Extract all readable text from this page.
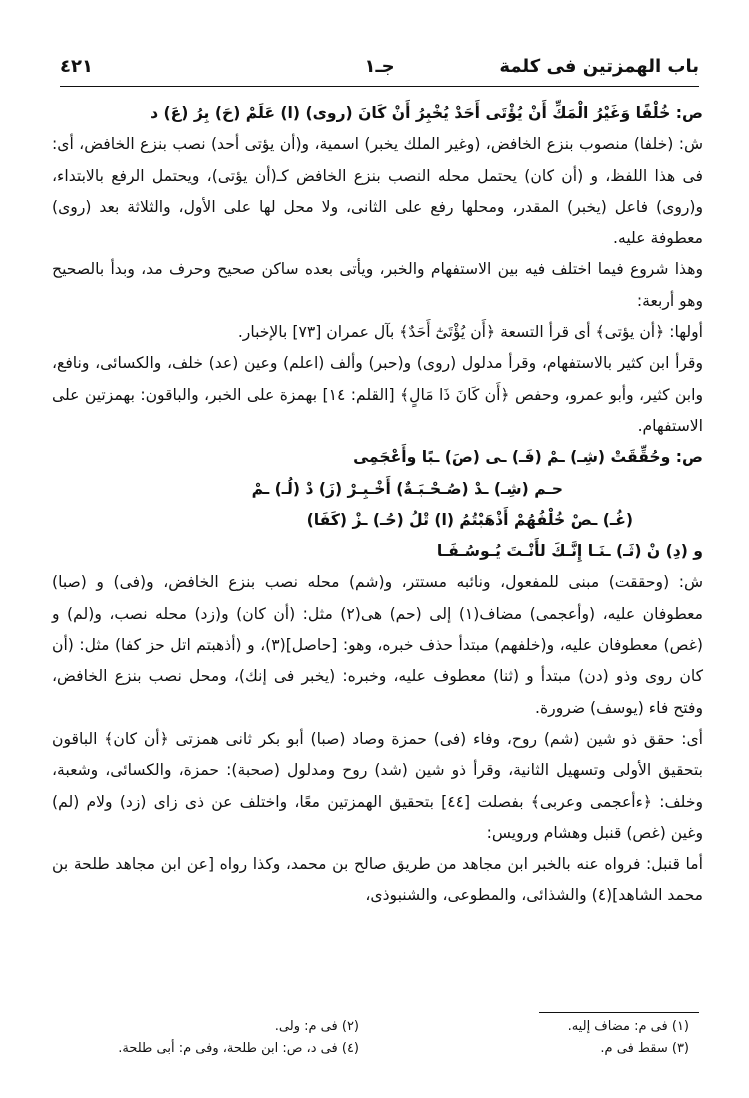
باب الهمزتين فى كلمة
جـ١
٤٢١

ص: خُلْفًا وَغَيْرُ الْمَكِّ أَنْ يُؤْتَى أَحَدْ يُخْبِرُ أَنْ كَانَ (روى) (ا) عَلَمْ (حَ) بِرُ (عَ) د

ش: (خلفا) منصوب بنزع الخافض، (وغير الملك يخبر) اسمية، و(أن يؤتى أحد) نصب بنزع الخافض، أى: فى هذا اللفظ، و (أن كان) يحتمل محله النصب بنزع الخافض كـ(أن يؤتى)، ويحتمل الرفع بالابتداء، و(روى) فاعل (يخبر) المقدر، ومحلها رفع على الثانى، ولا محل لها على الأول، والثلاثة بعد (روى) معطوفة عليه.

وهذا شروع فيما اختلف فيه بين الاستفهام والخبر، ويأتى بعده ساكن صحيح وحرف مد، وبدأ بالصحيح وهو أربعة:

أولها: ﴿أن يؤتى﴾ أى قرأ التسعة ﴿أَن يُؤْتَىٰٓ أَحَدٌ﴾ بآل عمران [٧٣] بالإخبار.

وقرأ ابن كثير بالاستفهام، وقرأ مدلول (روى) و(حبر) وألف (اعلم) وعين (عد) خلف، والكسائى، ونافع، وابن كثير، وأبو عمرو، وحفص ﴿أَن كَانَ ذَا مَالٍ﴾ [القلم: ١٤] بهمزة على الخبر، والباقون: بهمزتين على الاستفهام.

ص: وحُقِّقَتْ (شِـ) ـمْ (فَـ) ـى (صَ) ـبًا وأَعْجَمِى

حـم (شِـ) ـدْ (صُـحْـبَـةٌ) أَخْـبِـرْ (زَ) دْ (لُـ) ـمْ

(غُـ) ـصْ خُلْفُهُمْ أَذْهَبْتُمُ (ا) تْلُ (حُـ) ـزْ (كَفَا)

و (دِ) نْ (ثَـ) ـنَـا إِنَّـكَ لأَنْـتَ يُـوسُـفَـا

ش: (وحققت) مبنى للمفعول، ونائبه مستتر، و(شم) محله نصب بنزع الخافض، و(فى) و (صبا) معطوفان عليه، (وأعجمى) مضاف(١) إلى (حم) هى(٢) مثل: (أن كان) و(زد) محله نصب، و(لم) و (غص) معطوفان عليه، و(خلفهم) مبتدأ حذف خبره، وهو: [حاصل](٣)، و (أذهبتم اتل حز كفا) مثل: (أن كان روى وذو (دن) مبتدأ و (ثنا) معطوف عليه، وخبره: (يخبر فى إنك)، ومحل نصب بنزع الخافض، وفتح فاء (يوسف) ضرورة.

أى: حقق ذو شين (شم) روح، وفاء (فى) حمزة وصاد (صبا) أبو بكر ثانى همزتى ﴿أن كان﴾ الباقون بتحقيق الأولى وتسهيل الثانية، وقرأ ذو شين (شد) روح ومدلول (صحبة): حمزة، والكسائى، وشعبة، وخلف: ﴿ءأعجمى وعربى﴾ بفصلت [٤٤] بتحقيق الهمزتين معًا، واختلف عن ذى زاى (زد) ولام (لم) وغين (غص) قنبل وهشام ورويس:

أما قنبل: فرواه عنه بالخبر ابن مجاهد من طريق صالح بن محمد، وكذا رواه [عن ابن مجاهد طلحة بن محمد الشاهد](٤) والشذائى، والمطوعى، والشنبوذى،

(١) فى م: مضاف إليه.
(٢) فى م: ولى.
(٣) سقط فى م.
(٤) فى د، ص: ابن طلحة، وفى م: أبى طلحة.
